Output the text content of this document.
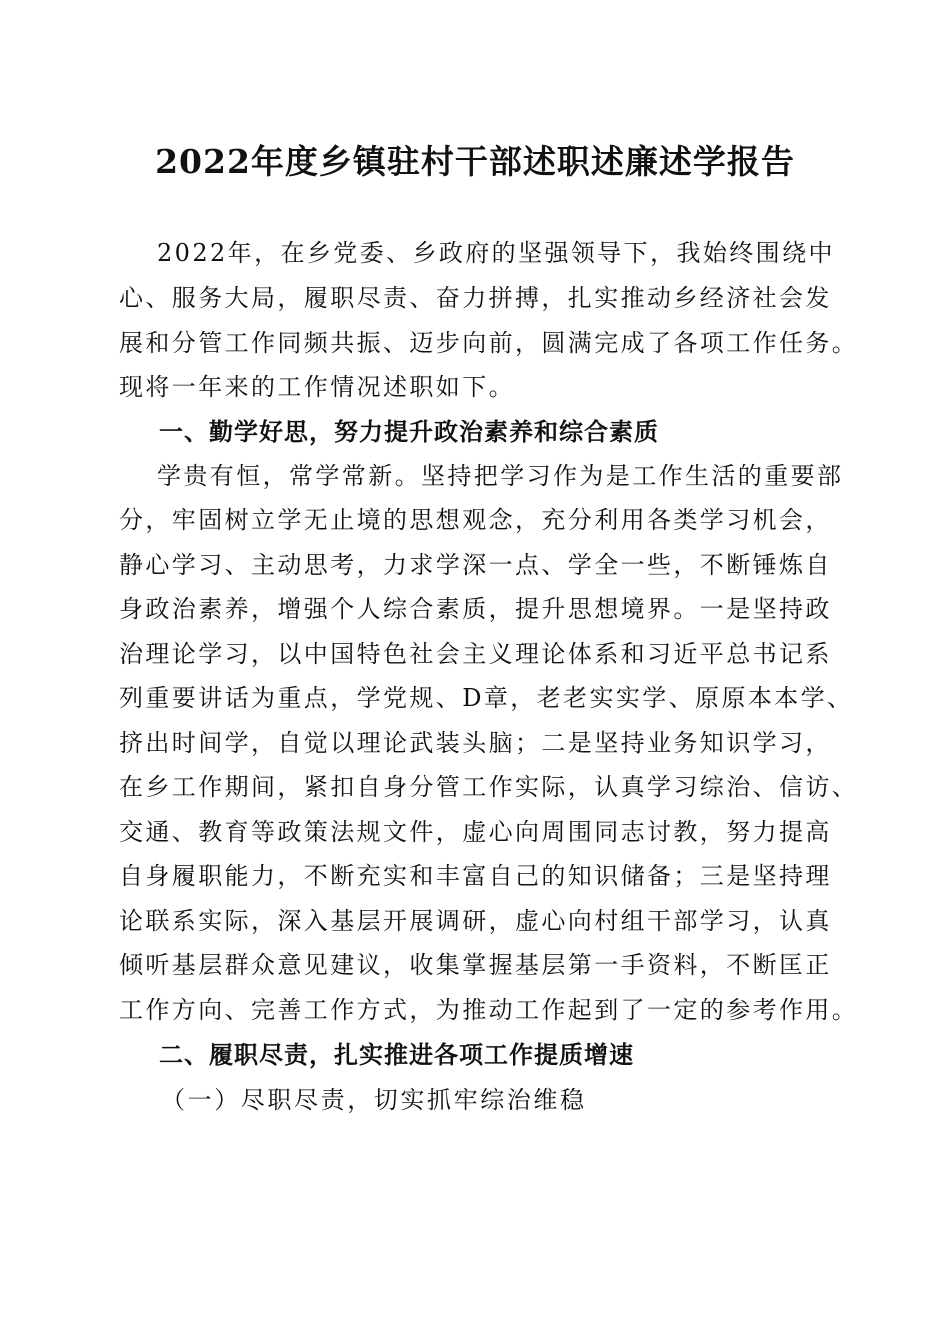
2022年度乡镇驻村干部述职述廉述学报告
2022年，在乡党委、乡政府的坚强领导下，我始终围绕中
心、服务大局，履职尽责、奋力拼搏，扎实推动乡经济社会发
展和分管工作同频共振、迈步向前，圆满完成了各项工作任务。
现将一年来的工作情况述职如下。
一、勤学好思，努力提升政治素养和综合素质
学贵有恒，常学常新。坚持把学习作为是工作生活的重要部
分，牢固树立学无止境的思想观念，充分利用各类学习机会，
静心学习、主动思考，力求学深一点、学全一些，不断锤炼自
身政治素养，增强个人综合素质，提升思想境界。一是坚持政
治理论学习，以中国特色社会主义理论体系和习近平总书记系
列重要讲话为重点，学党规、D章，老老实实学、原原本本学、
挤出时间学，自觉以理论武装头脑；二是坚持业务知识学习，
在乡工作期间，紧扣自身分管工作实际，认真学习综治、信访、
交通、教育等政策法规文件，虚心向周围同志讨教，努力提高
自身履职能力，不断充实和丰富自己的知识储备；三是坚持理
论联系实际，深入基层开展调研，虚心向村组干部学习，认真
倾听基层群众意见建议，收集掌握基层第一手资料，不断匡正
工作方向、完善工作方式，为推动工作起到了一定的参考作用。
二、履职尽责，扎实推进各项工作提质增速
（一）尽职尽责，切实抓牢综治维稳
